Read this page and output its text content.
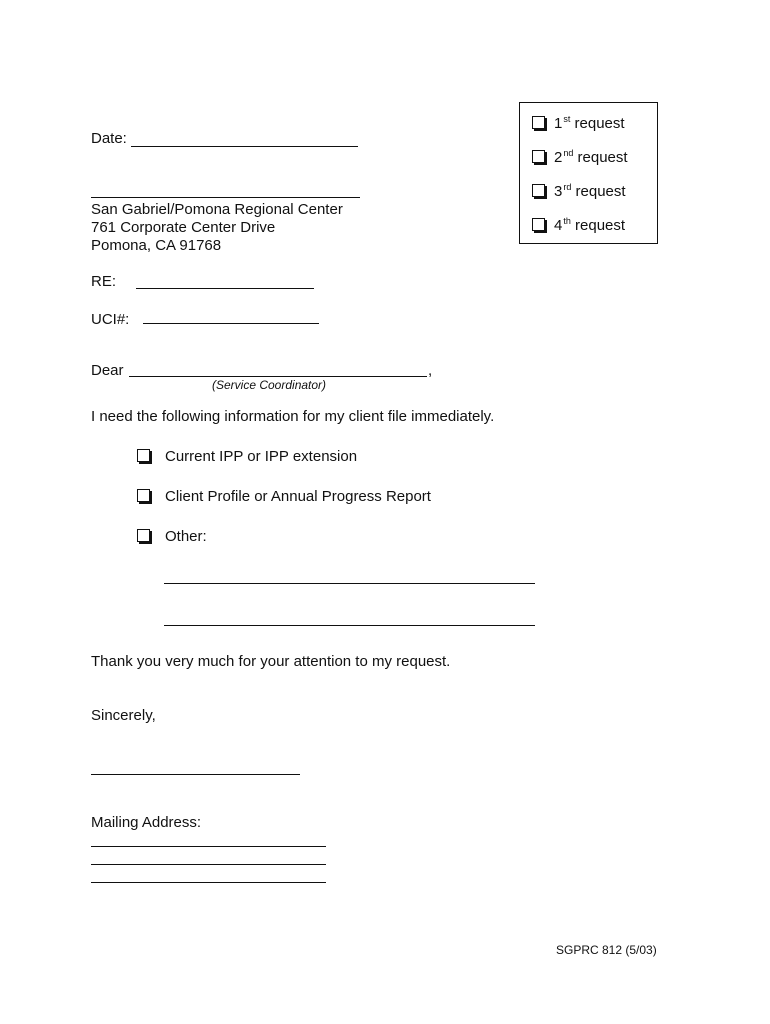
1st request
2nd request
3rd request
4th request
Date:
San Gabriel/Pomona Regional Center
761 Corporate Center Drive
Pomona, CA 91768
RE:
UCI#:
Dear	,
(Service Coordinator)
I need the following information for my client file immediately.
Current IPP or IPP extension
Client Profile or Annual Progress Report
Other:
Thank you very much for your attention to my request.
Sincerely,
Mailing Address:
SGPRC 812 (5/03)
